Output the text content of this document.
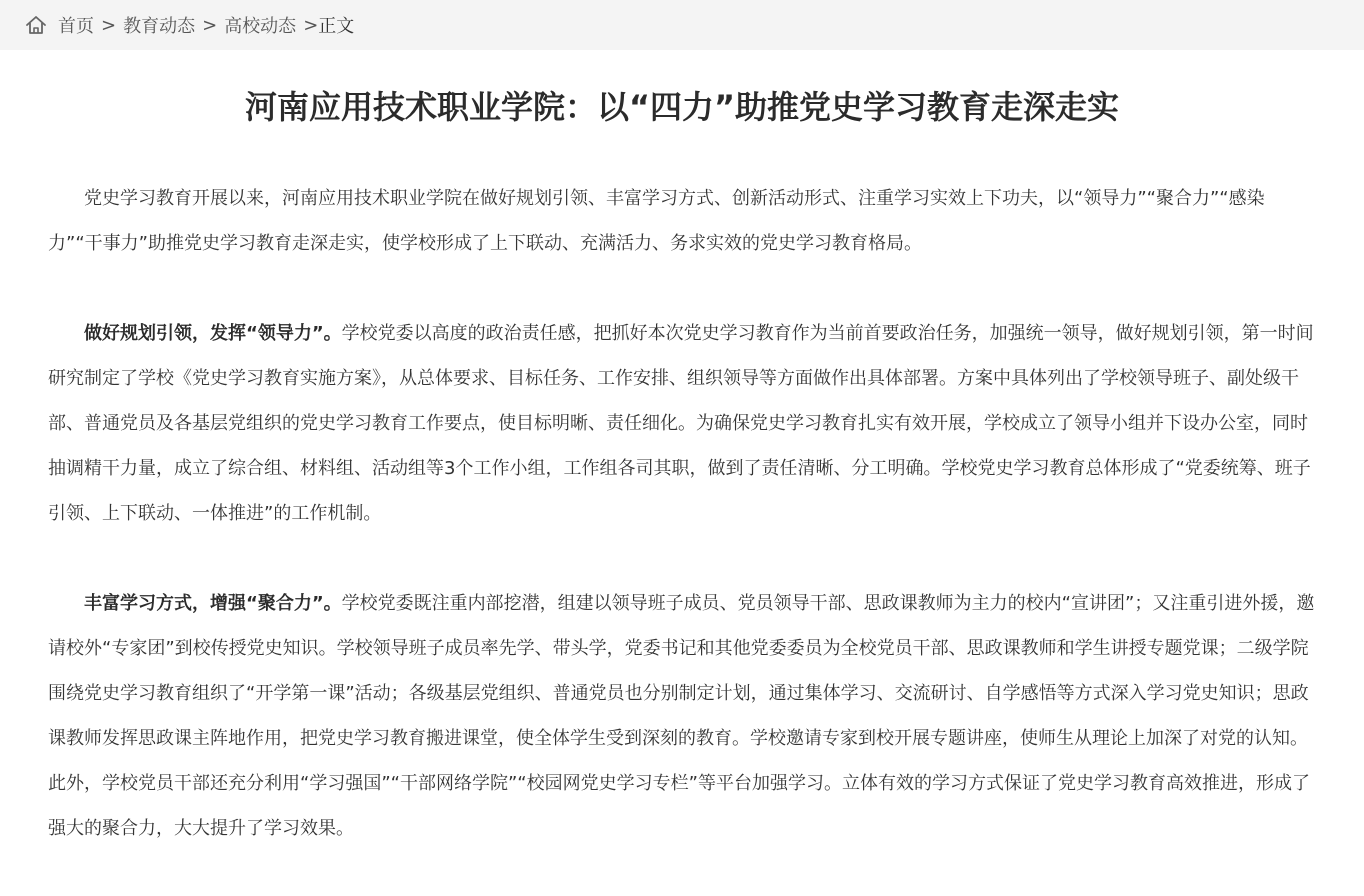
首页 > 教育动态 > 高校动态 > 正文
河南应用技术职业学院：以“四力”助推党史学习教育走深走实

党史学习教育开展以来，河南应用技术职业学院在做好规划引领、丰富学习方式、创新活动形式、注重学习实效上下功夫，以“领导力”“聚合力”“感染力”“干事力”助推党史学习教育走深走实，使学校形成了上下联动、充满活力、务求实效的党史学习教育格局。

做好规划引领，发挥“领导力”。学校党委以高度的政治责任感，把抓好本次党史学习教育作为当前首要政治任务，加强统一领导，做好规划引领，第一时间研究制定了学校《党史学习教育实施方案》，从总体要求、目标任务、工作安排、组织领导等方面做作出具体部署。方案中具体列出了学校领导班子、副处级干部、普通党员及各基层党组织的党史学习教育工作要点，使目标明晰、责任细化。为确保党史学习教育扎实有效开展，学校成立了领导小组并下设办公室，同时抽调精干力量，成立了综合组、材料组、活动组等3个工作小组，工作组各司其职，做到了责任清晰、分工明确。学校党史学习教育总体形成了“党委统筹、班子引领、上下联动、一体推进”的工作机制。

丰富学习方式，增强“聚合力”。学校党委既注重内部挖潜，组建以领导班子成员、党员领导干部、思政课教师为主力的校内“宣讲团”；又注重引进外援，邀请校外“专家团”到校传授党史知识。学校领导班子成员率先学、带头学，党委书记和其他党委委员为全校党员干部、思政课教师和学生讲授专题党课；二级学院围绕党史学习教育组织了“开学第一课”活动；各级基层党组织、普通党员也分别制定计划，通过集体学习、交流研讨、自学感悟等方式深入学习党史知识；思政课教师发挥思政课主阵地作用，把党史学习教育搬进课堂，使全体学生受到深刻的教育。学校邀请专家到校开展专题讲座，使师生从理论上加深了对党的认知。此外，学校党员干部还充分利用“学习强国”“干部网络学院”“校园网党史学习专栏”等平台加强学习。立体有效的学习方式保证了党史学习教育高效推进，形成了强大的聚合力，大大提升了学习效果。
